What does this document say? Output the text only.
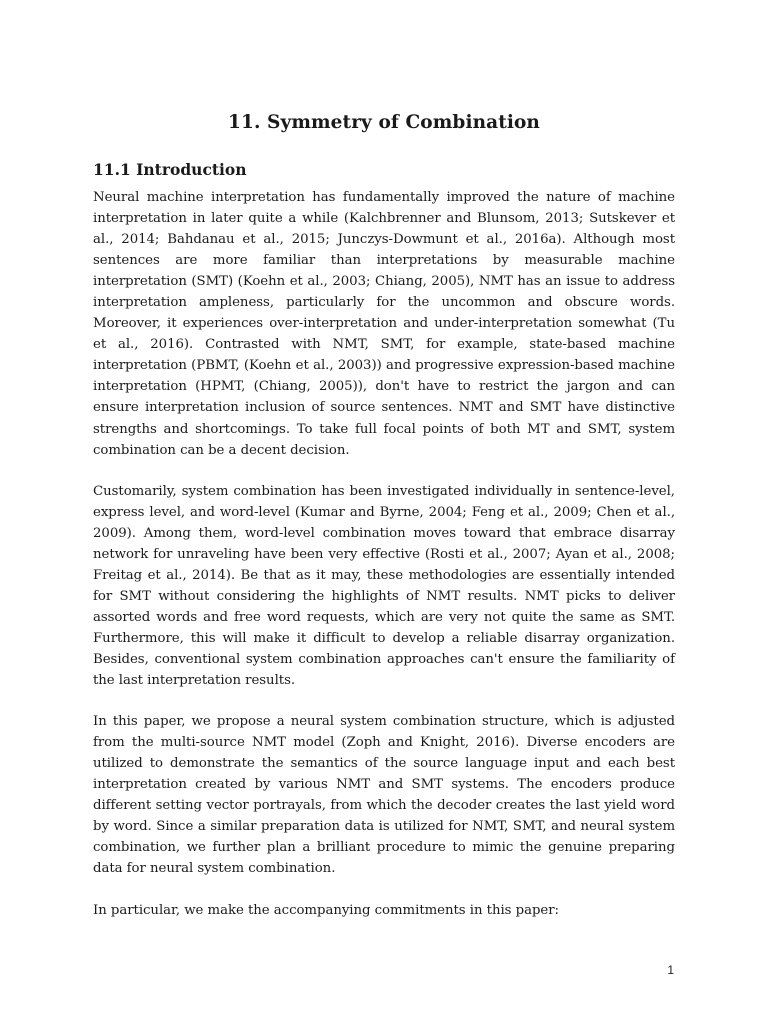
11. Symmetry of Combination
11.1 Introduction

Neural machine interpretation has fundamentally improved the nature of machine interpretation in later quite a while (Kalchbrenner and Blunsom, 2013; Sutskever et al., 2014; Bahdanau et al., 2015; Junczys-Dowmunt et al., 2016a). Although most sentences are more familiar than interpretations by measurable machine interpretation (SMT) (Koehn et al., 2003; Chiang, 2005), NMT has an issue to address interpretation ampleness, particularly for the uncommon and obscure words. Moreover, it experiences over-interpretation and under-interpretation somewhat (Tu et al., 2016). Contrasted with NMT, SMT, for example, state-based machine interpretation (PBMT, (Koehn et al., 2003)) and progressive expression-based machine interpretation (HPMT, (Chiang, 2005)), don't have to restrict the jargon and can ensure interpretation inclusion of source sentences. NMT and SMT have distinctive strengths and shortcomings. To take full focal points of both MT and SMT, system combination can be a decent decision.

Customarily, system combination has been investigated individually in sentence-level, express level, and word-level (Kumar and Byrne, 2004; Feng et al., 2009; Chen et al., 2009). Among them, word-level combination moves toward that embrace disarray network for unraveling have been very effective (Rosti et al., 2007; Ayan et al., 2008; Freitag et al., 2014). Be that as it may, these methodologies are essentially intended for SMT without considering the highlights of NMT results. NMT picks to deliver assorted words and free word requests, which are very not quite the same as SMT. Furthermore, this will make it difficult to develop a reliable disarray organization. Besides, conventional system combination approaches can't ensure the familiarity of the last interpretation results.

In this paper, we propose a neural system combination structure, which is adjusted from the multi-source NMT model (Zoph and Knight, 2016). Diverse encoders are utilized to demonstrate the semantics of the source language input and each best interpretation created by various NMT and SMT systems. The encoders produce different setting vector portrayals, from which the decoder creates the last yield word by word. Since a similar preparation data is utilized for NMT, SMT, and neural system combination, we further plan a brilliant procedure to mimic the genuine preparing data for neural system combination.

In particular, we make the accompanying commitments in this paper:

1
